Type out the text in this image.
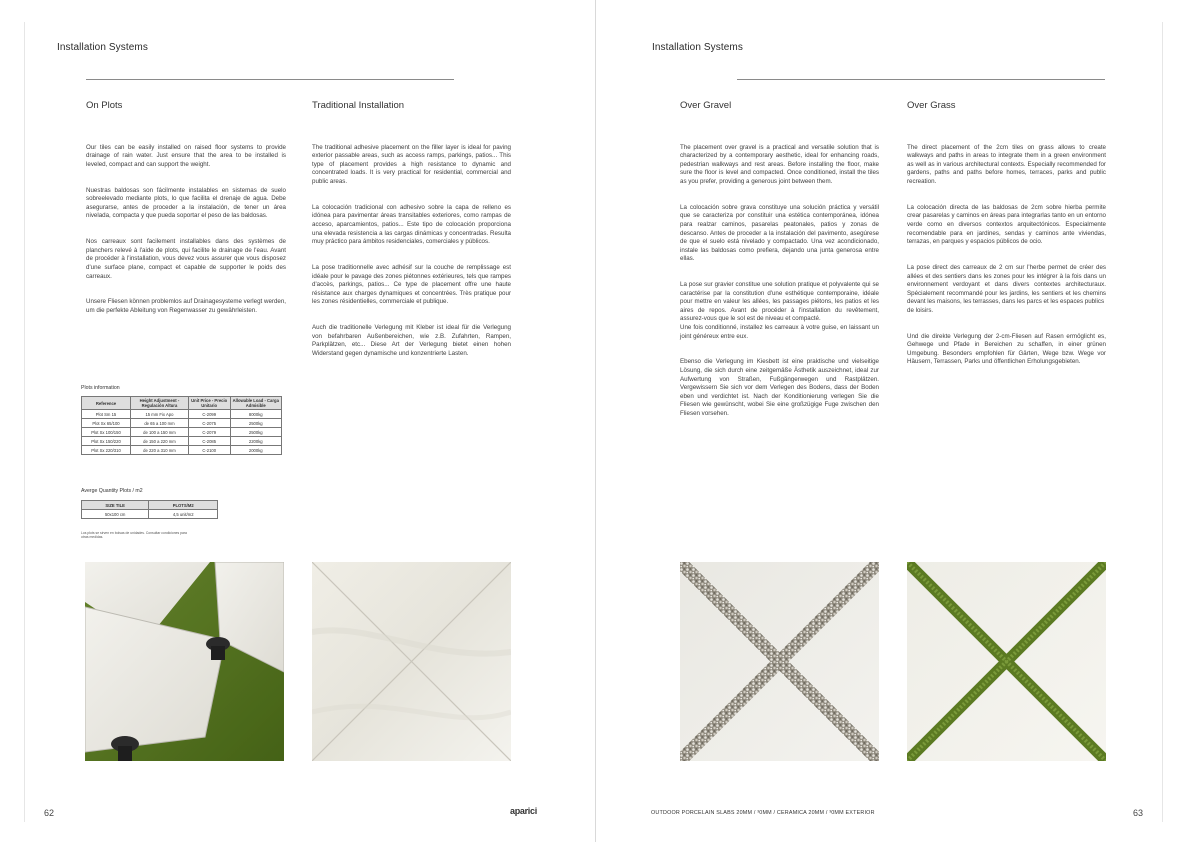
Installation Systems
On Plots

Our tiles can be easily installed on raised floor systems to provide drainage of rain water. Just ensure that the area to be installed is leveled, compact and can support the weight.

Nuestras baldosas son fácilmente instalables en sistemas de suelo sobreelevado mediante plots, lo que facilita el drenaje de agua. Debe asegurarse, antes de proceder a la instalación, de tener un área nivelada, compacta y que pueda soportar el peso de las baldosas.

Nos carreaux sont facilement installables dans des systèmes de planchers relevé à l'aide de plots, qui facilite le drainage de l'eau. Avant de procéder à l'installation, vous devez vous assurer que vous disposez d'une surface plane, compact et capable de supporter le poids des carreaux.

Unsere Fliesen können problemlos auf Drainagesysteme verlegt werden, um die perfekte Ableitung von Regenwasser zu gewährleisten.

Plots information
Reference	Height Adjustment - Regulación Altura	Unit Price - Precio Unitario	Allowable Load - Carga Admisible
Plot Sm 15	15 mm Fix Apo	C-2099	8000kg
Plot Sx 65/100	de 65 a 100 mm	C-2075	2500kg
Plot Sx 100/150	de 100 a 150 mm	C-2079	2500kg
Plot Sx 150/220	de 150 a 220 mm	C-2085	2200kg
Plot Sx 220/310	de 220 a 310 mm	C-2100	2000kg
Averge Quantity Plots / m2
SIZE TILE	PLOTS/M2
50x100 cm	4,5 unit/m2
Los plots se sirven en bolsas de unidades. Consultar condiciones para otras medidas.
Traditional Installation

The traditional adhesive placement on the filler layer is ideal for paving exterior passable areas, such as access ramps, parkings, patios... This type of placement provides a high resistance to dynamic and concentrated loads. It is very practical for residential, commercial and public areas.

La colocación tradicional con adhesivo sobre la capa de relleno es idónea para pavimentar áreas transitables exteriores, como rampas de acceso, aparcamientos, patios... Este tipo de colocación proporciona una elevada resistencia a las cargas dinámicas y concentradas. Resulta muy práctico para ámbitos residenciales, comerciales y públicos.

La pose traditionnelle avec adhésif sur la couche de remplissage est idéale pour le pavage des zones piétonnes extérieures, tels que rampes d'accès, parkings, patios... Ce type de placement offre une haute résistance aux charges dynamiques et concentrées. Très pratique pour les zones résidentielles, commerciale et publique.

Auch die traditionelle Verlegung mit Kleber ist ideal für die Verlegung von befahrbaren Außenbereichen, wie z.B. Zufahrten, Rampen, Parkplätzen, etc... Diese Art der Verlegung bietet einen hohen Widerstand gegen dynamische und konzentrierte Lasten.

62	aparici
Installation Systems
Over Gravel

The placement over gravel is a practical and versatile solution that is characterized by a contemporary aesthetic, ideal for enhancing roads, pedestrian walkways and rest areas. Before installing the floor, make sure the floor is level and compacted. Once conditioned, install the tiles as you prefer, providing a generous joint between them.

La colocación sobre grava constituye una solución práctica y versátil que se caracteriza por constituir una estética contemporánea, idónea para realzar caminos, pasarelas peatonales, patios y zonas de descanso. Antes de proceder a la instalación del pavimento, asegúrese de que el suelo está nivelado y compactado. Una vez acondicionado, instale las baldosas como prefiera, dejando una junta generosa entre ellas.

La pose sur gravier constitue une solution pratique et polyvalente qui se caractérise par la constitution d'une esthétique contemporaine, idéale pour mettre en valeur les allées, les passages piétons, les patios et les aires de repos. Avant de procéder à l'installation du revêtement, assurez-vous que le sol est de niveau et compacté.
Une fois conditionné, installez les carreaux à votre guise, en laissant un joint généreux entre eux.

Ebenso die Verlegung im Kiesbett ist eine praktische und vielseitige Lösung, die sich durch eine zeitgemäße Ästhetik auszeichnet, ideal zur Aufwertung von Straßen, Fußgängerwegen und Rastplätzen. Vergewissern Sie sich vor dem Verlegen des Bodens, dass der Boden eben und verdichtet ist. Nach der Konditionierung verlegen Sie die Fliesen wie gewünscht, wobei Sie eine großzügige Fuge zwischen den Fliesen vorsehen.

Over Grass

The direct placement of the 2cm tiles on grass allows to create walkways and paths in areas to integrate them in a green environment as well as in various architectural contexts. Especially recommended for gardens, paths and paths before homes, terraces, parks and public recreation.

La colocación directa de las baldosas de 2cm sobre hierba permite crear pasarelas y caminos en áreas para integrarlas tanto en un entorno verde como en diversos contextos arquitectónicos. Especialmente recomendable para en jardines, sendas y caminos ante viviendas, terrazas, en parques y espacios públicos de ocio.

La pose direct des carreaux de 2 cm sur l'herbe permet de créer des allées et des sentiers dans les zones pour les intégrer à la fois dans un environnement verdoyant et dans divers contextes architecturaux. Spécialement recommandé pour les jardins, les sentiers et les chemins devant les maisons, les terrasses, dans les parcs et les espaces publics
de loisirs.

Und die direkte Verlegung der 2-cm-Fliesen auf Rasen ermöglicht es, Gehwege und Pfade in Bereichen zu schaffen, in einer grünen Umgebung. Besonders empfohlen für Gärten, Wege bzw. Wege vor Häusern, Terrassen, Parks und öffentlichen Erholungsgebieten.

OUTDOOR PORCELAIN SLABS 20MM / ³0MM / CERAMICA 20MM / ³0MM EXTERIOR	63
